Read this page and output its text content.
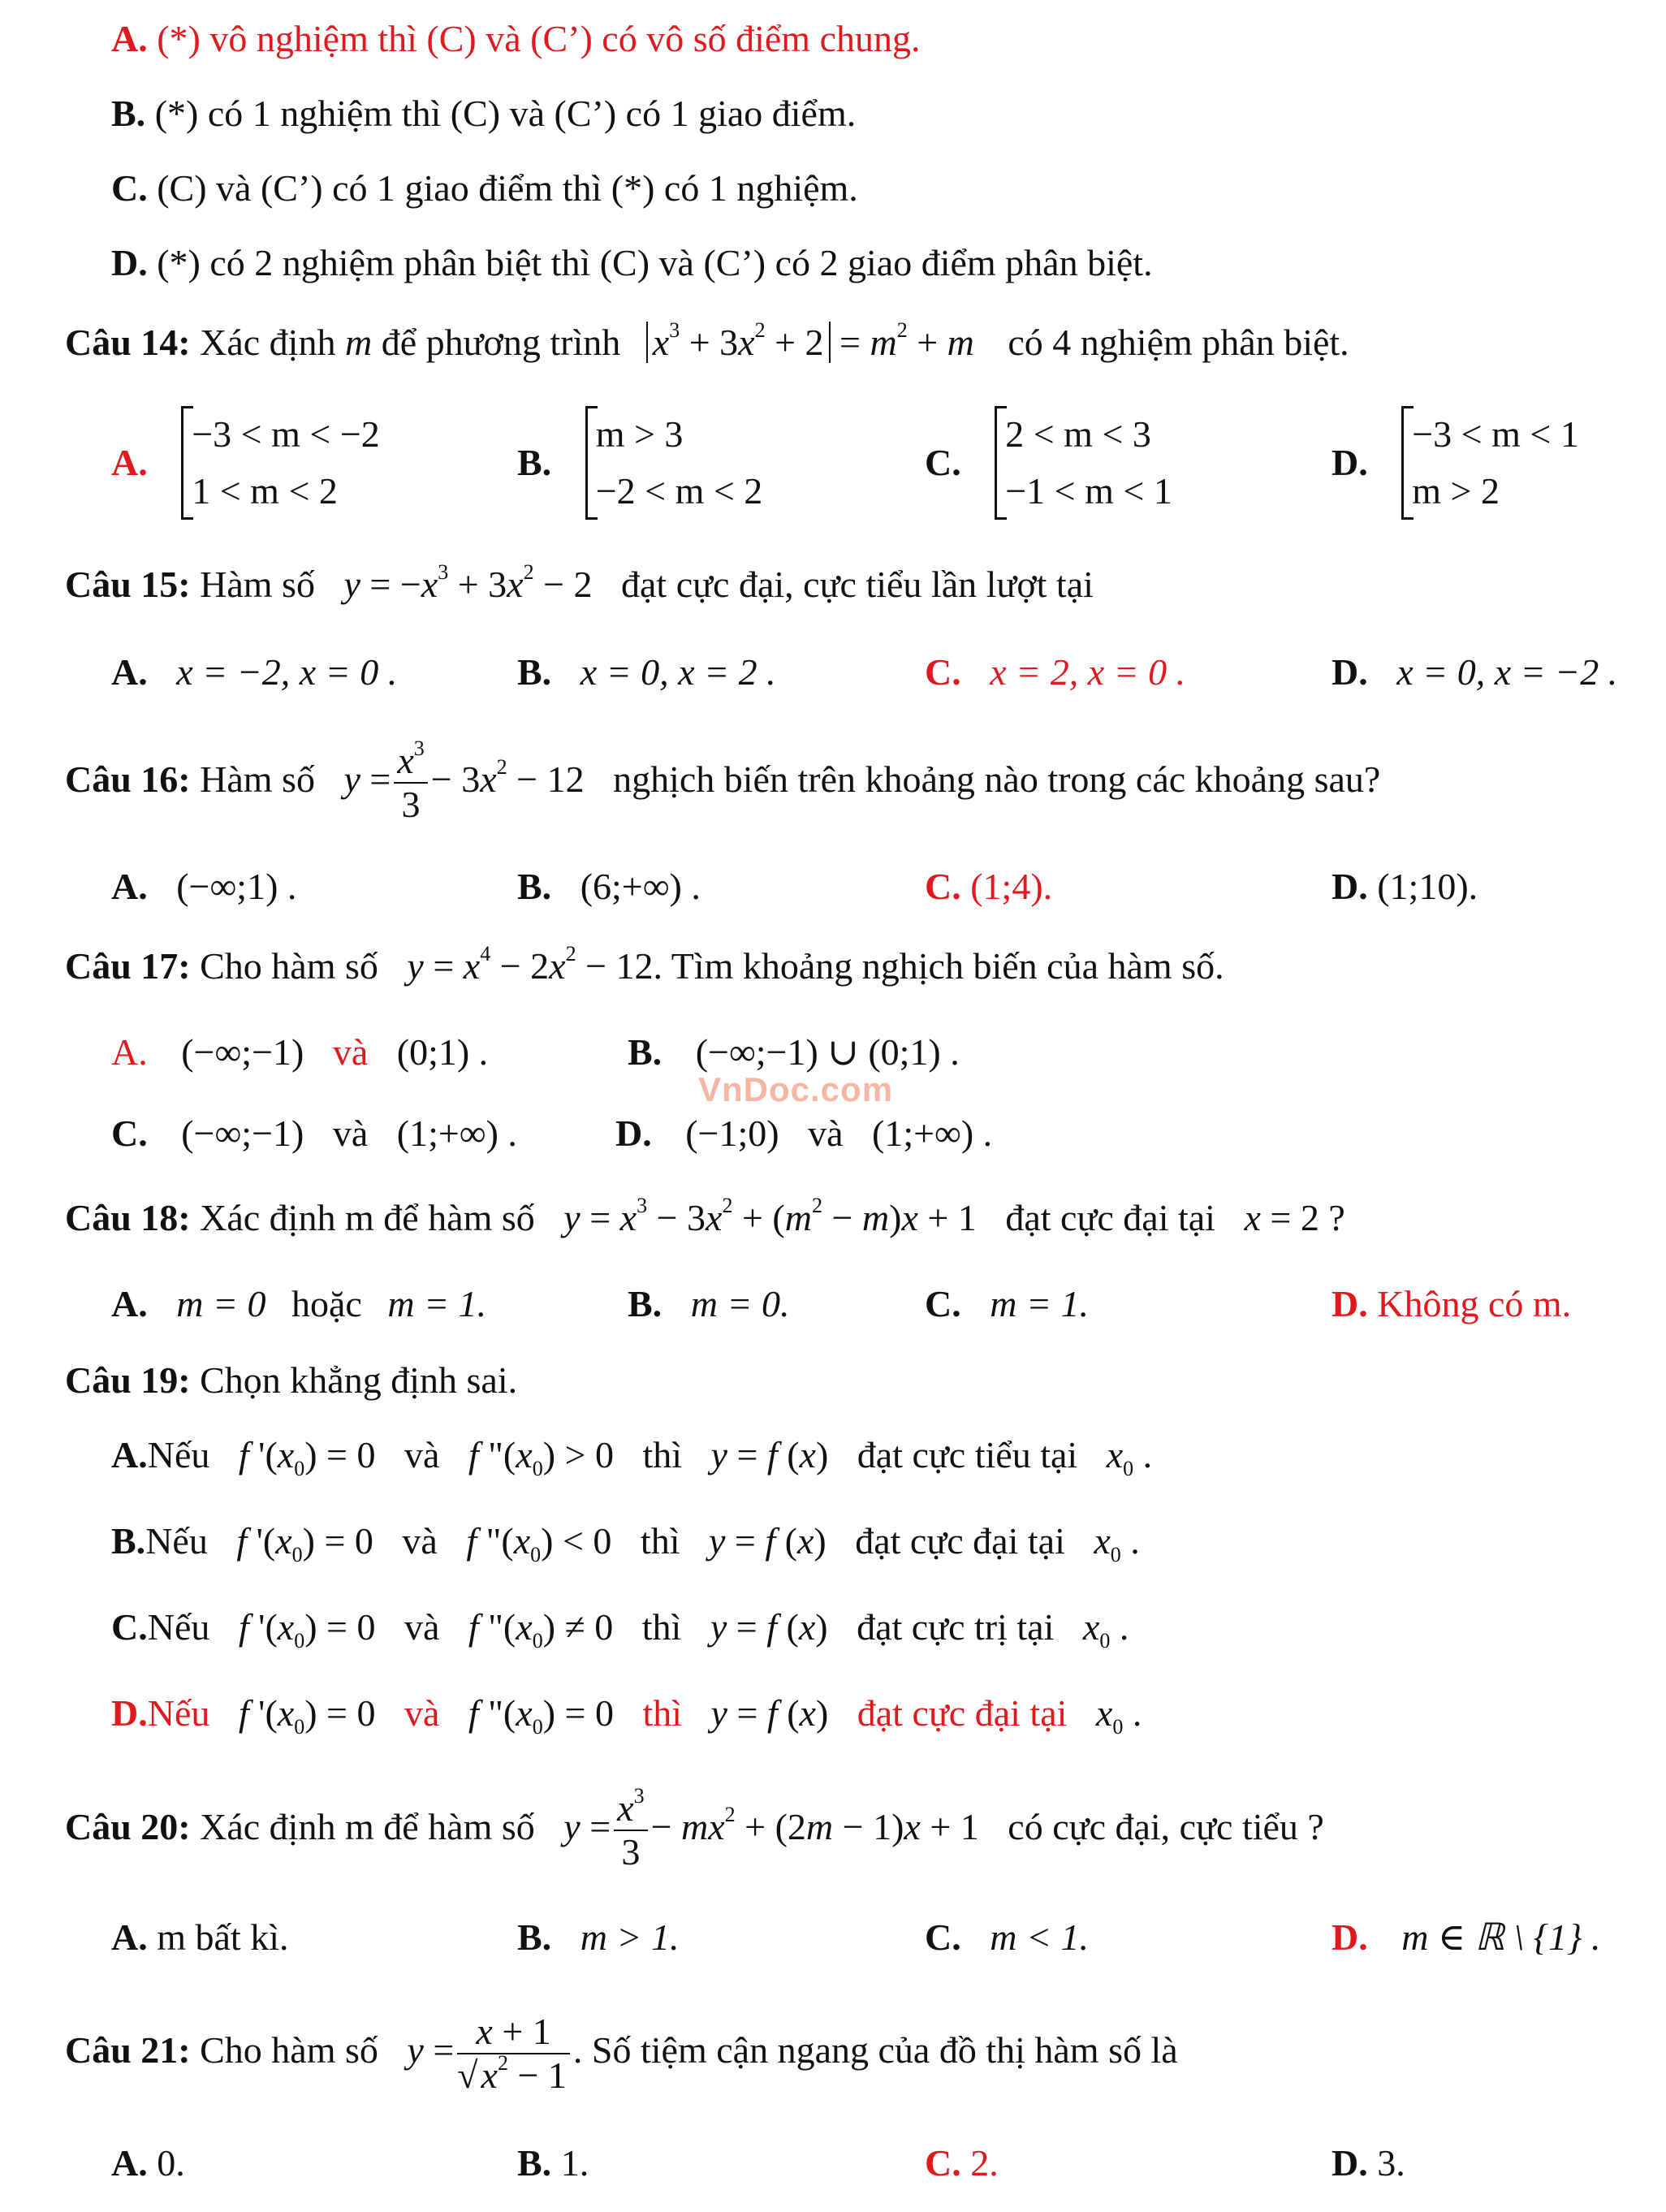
A. (*) vô nghiệm thì (C) và (C’) có vô số điểm chung.
B. (*) có 1 nghiệm thì (C) và (C’) có 1 giao điểm.
C. (C) và (C’) có 1 giao điểm thì (*) có 1 nghiệm.
D. (*) có 2 nghiệm phân biệt thì (C) và (C’) có 2 giao điểm phân biệt.
Câu 14: Xác định m để phương trình $x^3 + 3x^2 + 2 = m^2 + m$ có 4 nghiệm phân biệt.
A.
−3 < m < −2
1 < m < 2
B.
m > 3
−2 < m < 2
C.
2 < m < 3
−1 < m < 1
D.
−3 < m < 1
m > 2
Câu 15: Hàm số $y = -x^3 + 3x^2 - 2$ đạt cực đại, cực tiểu lần lượt tại
A. x = −2, x = 0 .	B. x = 0, x = 2 .	C. x = 2, x = 0 .	D. x = 0, x = −2 .
Câu 16: Hàm số $y = \frac{x^3}{3} - 3x^2 - 12$ nghịch biến trên khoảng nào trong các khoảng sau?
A. (−∞;1) .	B. (6;+∞) .	C. (1;4).	D. (1;10).
Câu 17: Cho hàm số $y = x^4 - 2x^2 - 12$. Tìm khoảng nghịch biến của hàm số.
A. (−∞;−1) và (0;1) .	B. (−∞;−1) ∪ (0;1) .
VnDoc.com
C. (−∞;−1) và (1;+∞) .	D. (−1;0) và (1;+∞) .
Câu 18: Xác định m để hàm số $y = x^3 - 3x^2 + (m^2 - m)x + 1$ đạt cực đại tại x = 2 ?
A. m = 0 hoặc m = 1.	B. m = 0.	C. m = 1.	D. Không có m.
Câu 19: Chọn khẳng định sai.
A.Nếu f '$(x_0) = 0$ và f "$(x_0) > 0$ thì y = f (x) đạt cực tiểu tại $x_0$ .
B.Nếu f '$(x_0) = 0$ và f "$(x_0) < 0$ thì y = f (x) đạt cực đại tại $x_0$ .
C.Nếu f '$(x_0) = 0$ và f "$(x_0) \ne 0$ thì y = f (x) đạt cực trị tại $x_0$ .
D.Nếu f '$(x_0) = 0$ và f "$(x_0) = 0$ thì y = f (x) đạt cực đại tại $x_0$ .
Câu 20: Xác định m để hàm số $y = \frac{x^3}{3} - mx^2 + (2m - 1)x + 1$ có cực đại, cực tiểu ?
A. m bất kì.	B. m > 1.	C. m < 1.	D. m ∈ ℝ \ {1} .
Câu 21: Cho hàm số $y = \frac{x + 1}{√x^2 - 1}$ . Số tiệm cận ngang của đồ thị hàm số là
A. 0.	B. 1.	C. 2.	D. 3.
